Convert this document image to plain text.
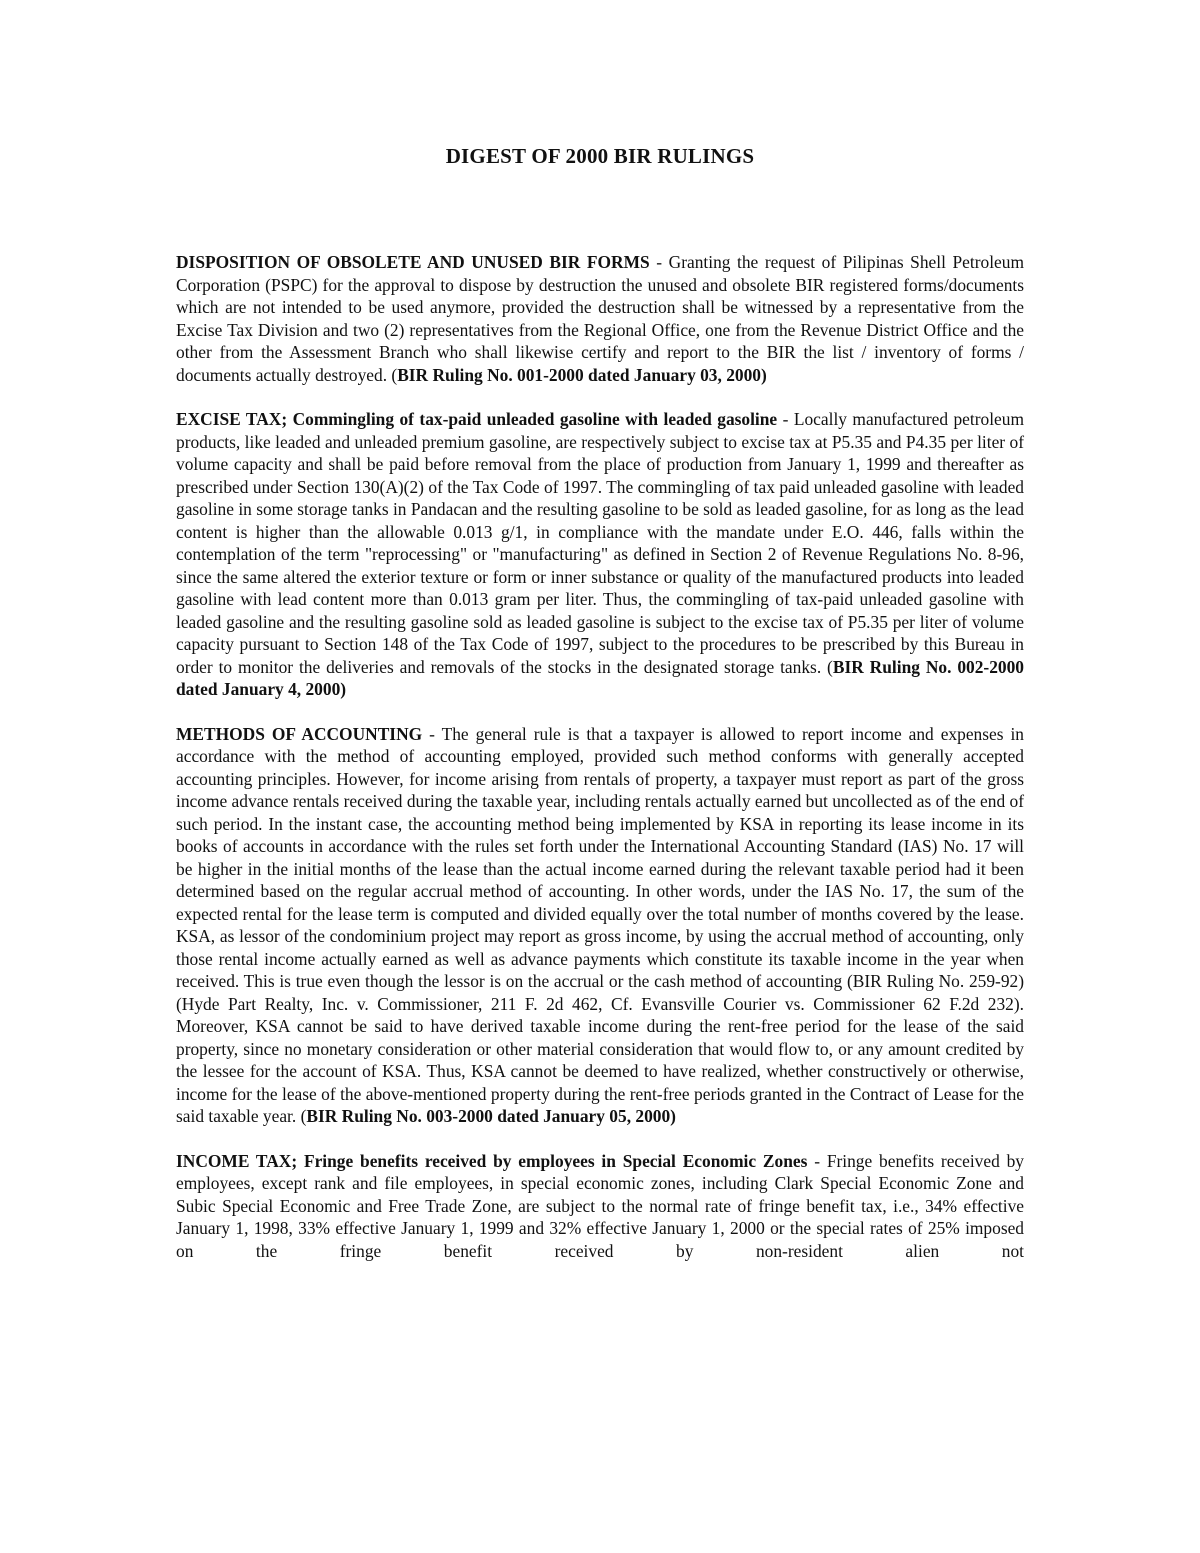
DIGEST OF 2000 BIR RULINGS

DISPOSITION OF OBSOLETE AND UNUSED BIR FORMS - Granting the request of Pilipinas Shell Petroleum Corporation (PSPC) for the approval to dispose by destruction the unused and obsolete BIR registered forms/documents which are not intended to be used anymore, provided the destruction shall be witnessed by a representative from the Excise Tax Division and two (2) representatives from the Regional Office, one from the Revenue District Office and the other from the Assessment Branch who shall likewise certify and report to the BIR the list / inventory of forms / documents actually destroyed. (BIR Ruling No. 001-2000 dated January 03, 2000)

EXCISE TAX; Commingling of tax-paid unleaded gasoline with leaded gasoline - Locally manufactured petroleum products, like leaded and unleaded premium gasoline, are respectively subject to excise tax at P5.35 and P4.35 per liter of volume capacity and shall be paid before removal from the place of production from January 1, 1999 and thereafter as prescribed under Section 130(A)(2) of the Tax Code of 1997. The commingling of tax paid unleaded gasoline with leaded gasoline in some storage tanks in Pandacan and the resulting gasoline to be sold as leaded gasoline, for as long as the lead content is higher than the allowable 0.013 g/1, in compliance with the mandate under E.O. 446, falls within the contemplation of the term "reprocessing" or "manufacturing" as defined in Section 2 of Revenue Regulations No. 8-96, since the same altered the exterior texture or form or inner substance or quality of the manufactured products into leaded gasoline with lead content more than 0.013 gram per liter. Thus, the commingling of tax-paid unleaded gasoline with leaded gasoline and the resulting gasoline sold as leaded gasoline is subject to the excise tax of P5.35 per liter of volume capacity pursuant to Section 148 of the Tax Code of 1997, subject to the procedures to be prescribed by this Bureau in order to monitor the deliveries and removals of the stocks in the designated storage tanks. (BIR Ruling No. 002-2000 dated January 4, 2000)

METHODS OF ACCOUNTING - The general rule is that a taxpayer is allowed to report income and expenses in accordance with the method of accounting employed, provided such method conforms with generally accepted accounting principles. However, for income arising from rentals of property, a taxpayer must report as part of the gross income advance rentals received during the taxable year, including rentals actually earned but uncollected as of the end of such period. In the instant case, the accounting method being implemented by KSA in reporting its lease income in its books of accounts in accordance with the rules set forth under the International Accounting Standard (IAS) No. 17 will be higher in the initial months of the lease than the actual income earned during the relevant taxable period had it been determined based on the regular accrual method of accounting. In other words, under the IAS No. 17, the sum of the expected rental for the lease term is computed and divided equally over the total number of months covered by the lease. KSA, as lessor of the condominium project may report as gross income, by using the accrual method of accounting, only those rental income actually earned as well as advance payments which constitute its taxable income in the year when received. This is true even though the lessor is on the accrual or the cash method of accounting (BIR Ruling No. 259-92) (Hyde Part Realty, Inc. v. Commissioner, 211 F. 2d 462, Cf. Evansville Courier vs. Commissioner 62 F.2d 232). Moreover, KSA cannot be said to have derived taxable income during the rent-free period for the lease of the said property, since no monetary consideration or other material consideration that would flow to, or any amount credited by the lessee for the account of KSA. Thus, KSA cannot be deemed to have realized, whether constructively or otherwise, income for the lease of the above-mentioned property during the rent-free periods granted in the Contract of Lease for the said taxable year. (BIR Ruling No. 003-2000 dated January 05, 2000)

INCOME TAX; Fringe benefits received by employees in Special Economic Zones - Fringe benefits received by employees, except rank and file employees, in special economic zones, including Clark Special Economic Zone and Subic Special Economic and Free Trade Zone, are subject to the normal rate of fringe benefit tax, i.e., 34% effective January 1, 1998, 33% effective January 1, 1999 and 32% effective January 1, 2000 or the special rates of 25% imposed on the fringe benefit received by non-resident alien not
